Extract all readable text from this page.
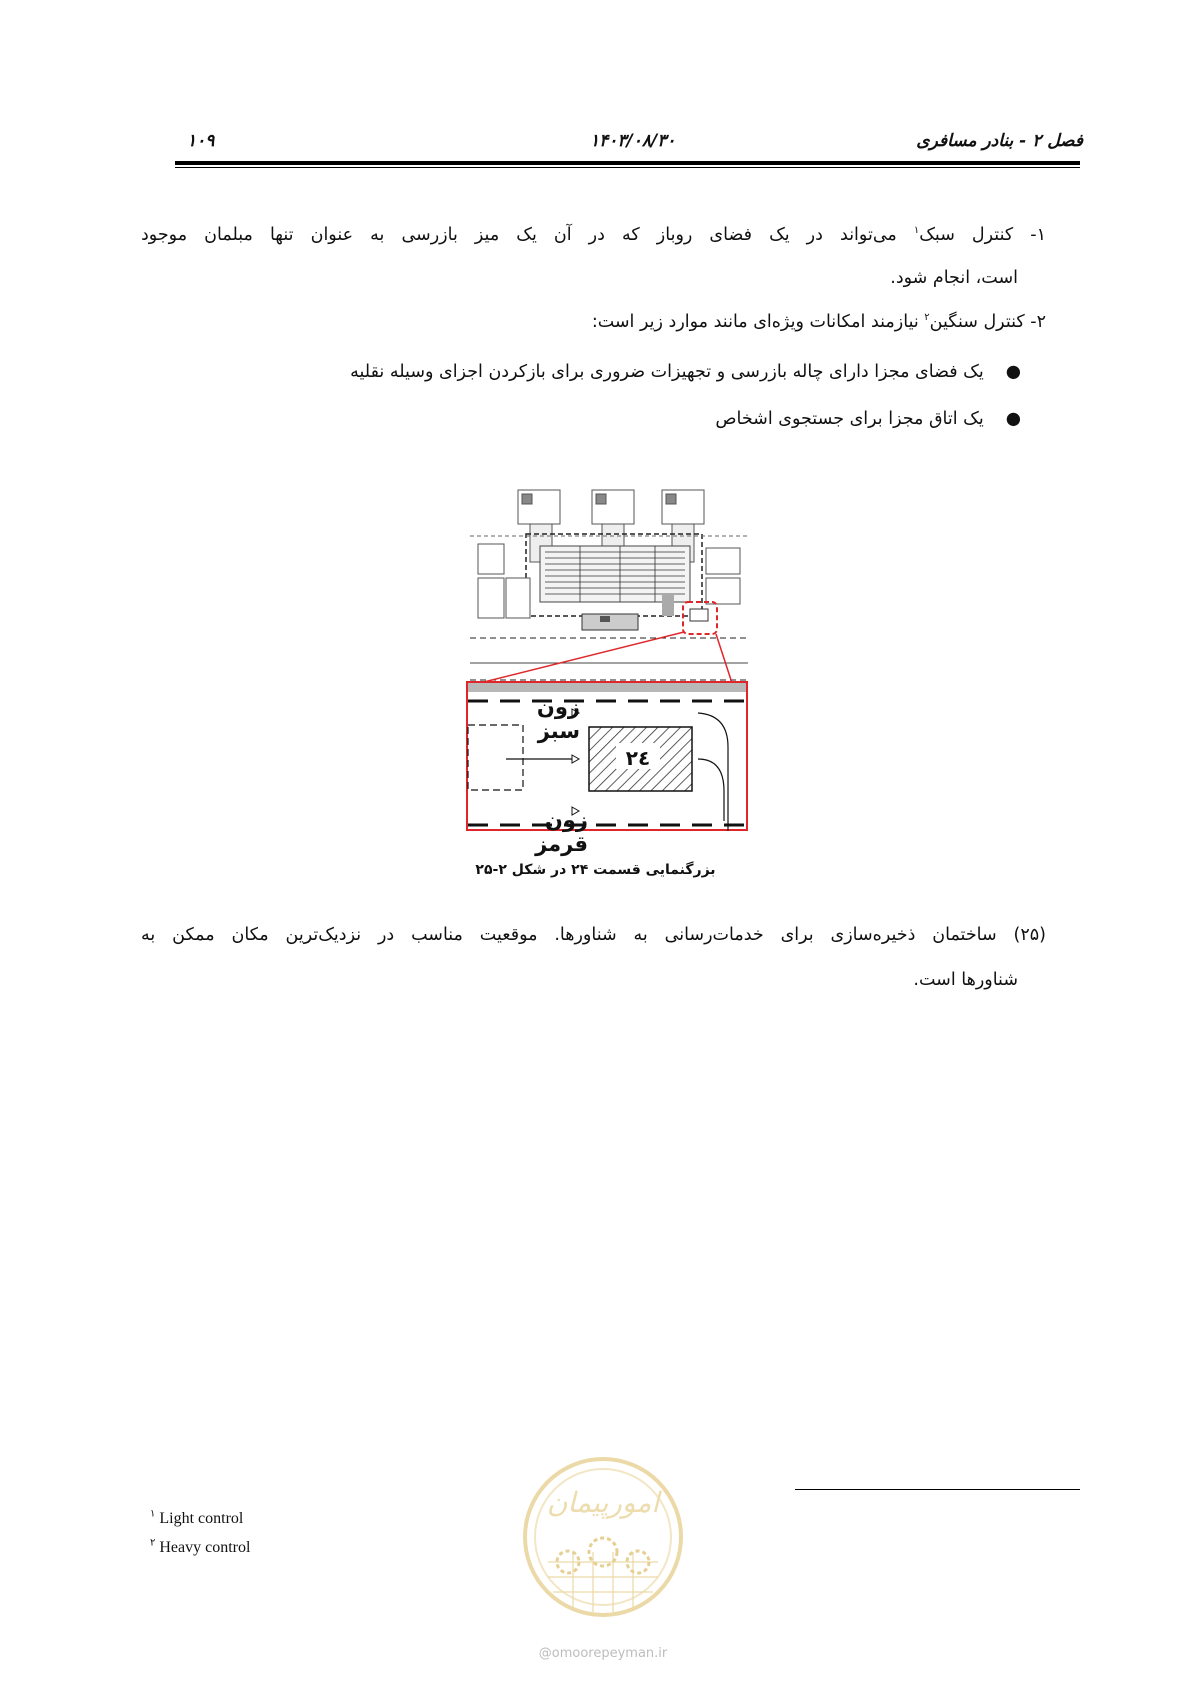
فصل ۲ - بنادر مسافری
۱۴۰۳/۰۸/۳۰
۱۰۹
۱- کنترل سبک$^۱$ می‌تواند در یک فضای روباز که در آن یک میز بازرسی به عنوان تنها مبلمان موجود
است، انجام شود.
۲- کنترل سنگین$^۲$ نیازمند امکانات ویژه‌ای مانند موارد زیر است:
●یک فضای مجزا دارای چاله بازرسی و تجهیزات ضروری برای بازکردن اجزای وسیله نقلیه
●یک اتاق مجزا برای جستجوی اشخاص
زون سبز
زون قرمز
٢٤
بزرگنمایی قسمت ۲۴ در شکل ۲-۲۵
(۲۵) ساختمان ذخیره‌سازی برای خدمات‌رسانی به شناورها. موقعیت مناسب در نزدیک‌ترین مکان ممکن به
شناورها است.
$^۱$ Light control
$^۲$ Heavy control
امورپیمان
@omoorepeyman.ir
